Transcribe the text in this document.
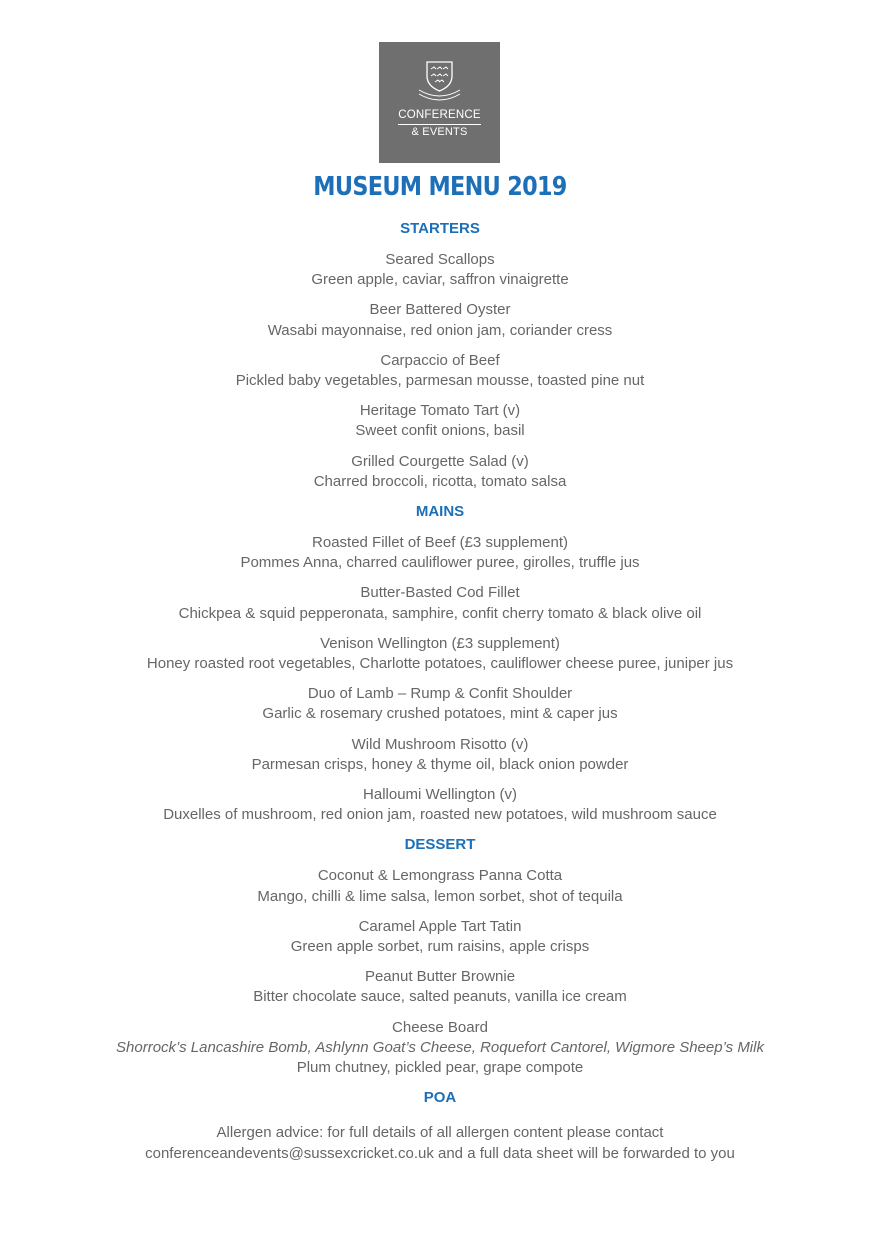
CONFERENCE
& EVENTS
MUSEUM MENU 2019
STARTERS
Seared Scallops
Green apple, caviar, saffron vinaigrette
Beer Battered Oyster
Wasabi mayonnaise, red onion jam, coriander cress
Carpaccio of Beef
Pickled baby vegetables, parmesan mousse, toasted pine nut
Heritage Tomato Tart (v)
Sweet confit onions, basil
Grilled Courgette Salad (v)
Charred broccoli, ricotta, tomato salsa
MAINS
Roasted Fillet of Beef (£3 supplement)
Pommes Anna, charred cauliflower puree, girolles, truffle jus
Butter-Basted Cod Fillet
Chickpea & squid pepperonata, samphire, confit cherry tomato & black olive oil
Venison Wellington (£3 supplement)
Honey roasted root vegetables, Charlotte potatoes, cauliflower cheese puree, juniper jus
Duo of Lamb – Rump & Confit Shoulder
Garlic & rosemary crushed potatoes, mint & caper jus
Wild Mushroom Risotto (v)
Parmesan crisps, honey & thyme oil, black onion powder
Halloumi Wellington (v)
Duxelles of mushroom, red onion jam, roasted new potatoes, wild mushroom sauce
DESSERT
Coconut & Lemongrass Panna Cotta
Mango, chilli & lime salsa, lemon sorbet, shot of tequila
Caramel Apple Tart Tatin
Green apple sorbet, rum raisins, apple crisps
Peanut Butter Brownie
Bitter chocolate sauce, salted peanuts, vanilla ice cream
Cheese Board
Shorrock’s Lancashire Bomb, Ashlynn Goat’s Cheese, Roquefort Cantorel, Wigmore Sheep’s Milk
Plum chutney, pickled pear, grape compote
POA
Allergen advice: for full details of all allergen content please contact
conferenceandevents@sussexcricket.co.uk and a full data sheet will be forwarded to you
